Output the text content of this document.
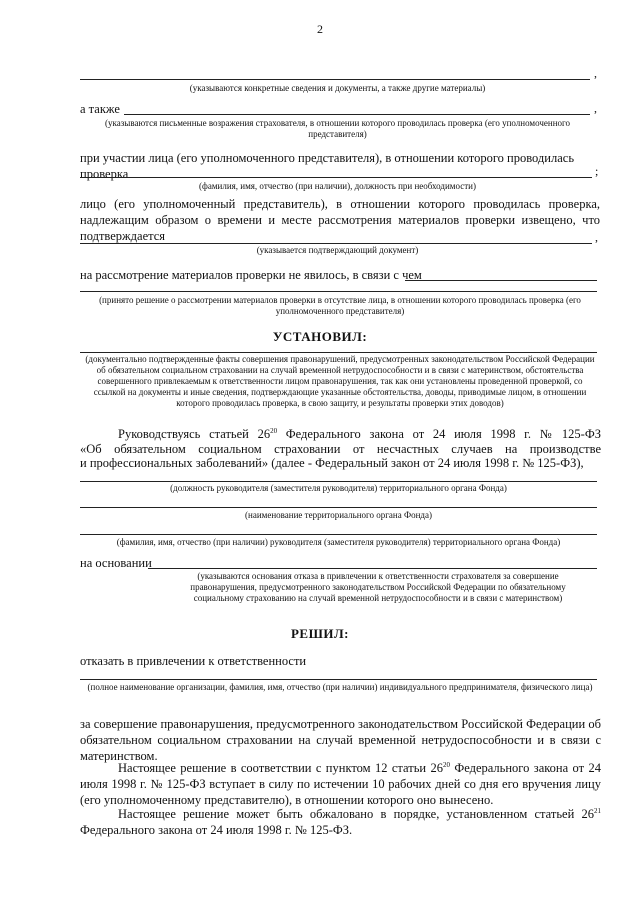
2
,
(указываются конкретные сведения и документы, а также другие материалы)
а также	,
(указываются письменные возражения страхователя, в отношении которого проводилась проверка (его уполномоченного представителя)
при участии лица (его уполномоченного представителя), в отношении которого проводилась проверка	;
(фамилия, имя, отчество (при наличии), должность при необходимости)
лицо (его уполномоченный представитель), в отношении которого проводилась проверка, надлежащим образом о времени и месте рассмотрения материалов проверки извещено, что подтверждается	,
(указывается подтверждающий документ)
на рассмотрение материалов проверки не явилось, в связи с чем
(принято решение о рассмотрении материалов проверки в отсутствие лица, в отношении которого проводилась проверка (его уполномоченного представителя)
УСТАНОВИЛ:
(документально подтвержденные факты совершения правонарушений, предусмотренных законодательством Российской Федерации об обязательном социальном страховании на случай временной нетрудоспособности и в связи с материнством, обстоятельства совершенного привлекаемым к ответственности лицом правонарушения, так как они установлены проведенной проверкой, со ссылкой на документы и иные сведения, подтверждающие указанные обстоятельства, доводы, приводимые лицом, в отношении которого проводилась проверка, в свою защиту, и результаты проверки этих доводов)
Руководствуясь статьей $26^{20}$ Федерального закона от 24 июля 1998 г. № 125-ФЗ
«Об обязательном социальном страховании от несчастных случаев на производстве
и профессиональных заболеваний» (далее - Федеральный закон от 24 июля 1998 г. № 125-ФЗ),
(должность руководителя (заместителя руководителя) территориального органа Фонда)
(наименование территориального органа Фонда)
(фамилия, имя, отчество (при наличии) руководителя (заместителя руководителя) территориального органа Фонда)
на основании
(указываются основания отказа в привлечении к ответственности страхователя за совершение правонарушения, предусмотренного законодательством Российской Федерации по обязательному социальному страхованию на случай временной нетрудоспособности и в связи с материнством)
РЕШИЛ:
отказать в привлечении к ответственности
(полное наименование организации, фамилия, имя, отчество (при наличии) индивидуального предпринимателя, физического лица)
за совершение правонарушения, предусмотренного законодательством Российской Федерации об обязательном социальном страховании на случай временной нетрудоспособности и в связи с материнством.
Настоящее решение в соответствии с пунктом 12 статьи $26^{20}$ Федерального закона от 24 июля 1998 г. № 125-ФЗ вступает в силу по истечении 10 рабочих дней со дня его вручения лицу (его уполномоченному представителю), в отношении которого оно вынесено.
Настоящее решение может быть обжаловано в порядке, установленном статьей $26^{21}$ Федерального закона от 24 июля 1998 г. № 125-ФЗ.
